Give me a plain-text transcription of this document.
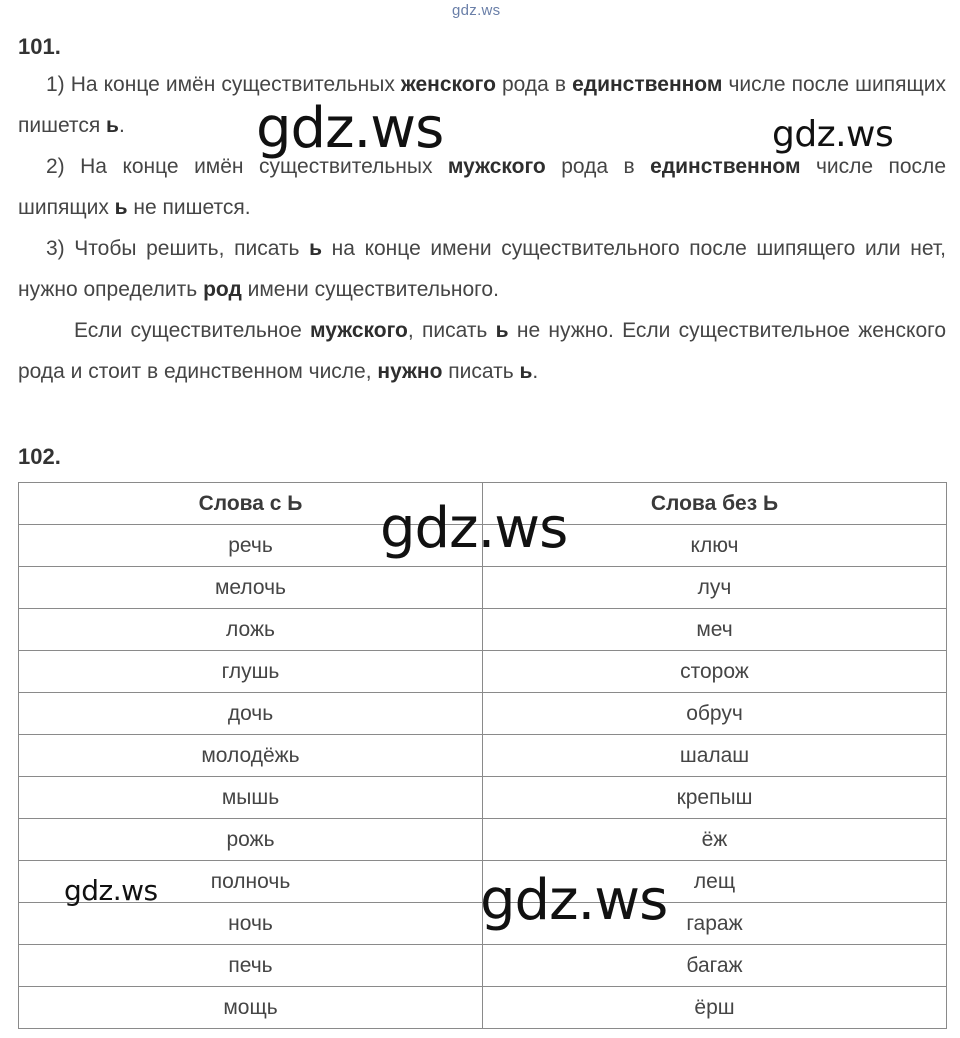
gdz.ws
101.

1) На конце имён существительных женского рода в единственном числе после шипящих пишется ь.

2) На конце имён существительных мужского рода в единственном числе после шипящих ь не пишется.

3) Чтобы решить, писать ь на конце имени существительного после шипящего или нет, нужно определить род имени существительного.

Если существительное мужского, писать ь не нужно. Если существительное женского рода и стоит в единственном числе, нужно писать ь.

102.
Слова с Ь	Слова без Ь
речь	ключ
мелочь	луч
ложь	меч
глушь	сторож
дочь	обруч
молодёжь	шалаш
мышь	крепыш
рожь	ёж
полночь	лещ
ночь	гараж
печь	багаж
мощь	ёрш
gdz.ws	gdz.ws
gdz.ws
gdz.ws	gdz.ws
